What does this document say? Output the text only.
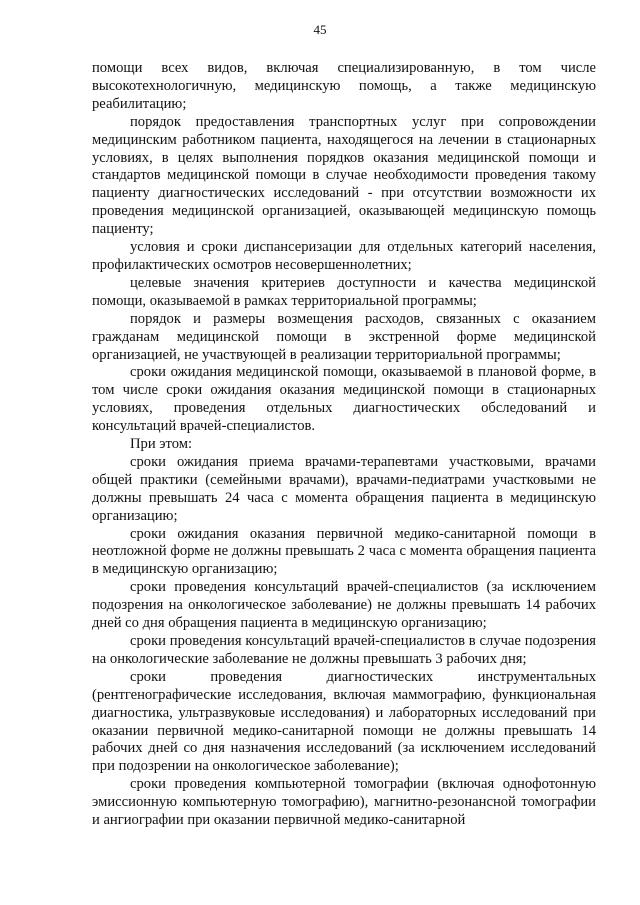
45

помощи всех видов, включая специализированную, в том числе высокотехнологичную, медицинскую помощь, а также медицинскую реабилитацию;

порядок предоставления транспортных услуг при сопровождении медицинским работником пациента, находящегося на лечении в стационарных условиях, в целях выполнения порядков оказания медицинской помощи и стандартов медицинской помощи в случае необходимости проведения такому пациенту диагностических исследований - при отсутствии возможности их проведения медицинской организацией, оказывающей медицинскую помощь пациенту;

условия и сроки диспансеризации для отдельных категорий населения, профилактических осмотров несовершеннолетних;

целевые значения критериев доступности и качества медицинской помощи, оказываемой в рамках территориальной программы;

порядок и размеры возмещения расходов, связанных с оказанием гражданам медицинской помощи в экстренной форме медицинской организацией, не участвующей в реализации территориальной программы;

сроки ожидания медицинской помощи, оказываемой в плановой форме, в том числе сроки ожидания оказания медицинской помощи в стационарных условиях, проведения отдельных диагностических обследований и консультаций врачей-специалистов.

При этом:

сроки ожидания приема врачами-терапевтами участковыми, врачами общей практики (семейными врачами), врачами-педиатрами участковыми не должны превышать 24 часа с момента обращения пациента в медицинскую организацию;

сроки ожидания оказания первичной медико-санитарной помощи в неотложной форме не должны превышать 2 часа с момента обращения пациента в медицинскую организацию;

сроки проведения консультаций врачей-специалистов (за исключением подозрения на онкологическое заболевание) не должны превышать 14 рабочих дней со дня обращения пациента в медицинскую организацию;

сроки проведения консультаций врачей-специалистов в случае подозрения на онкологические заболевание не должны превышать 3 рабочих дня;

сроки проведения диагностических инструментальных (рентгенографические исследования, включая маммографию, функциональная диагностика, ультразвуковые исследования) и лабораторных исследований при оказании первичной медико-санитарной помощи не должны превышать 14 рабочих дней со дня назначения исследований (за исключением исследований при подозрении на онкологическое заболевание);

сроки проведения компьютерной томографии (включая однофотонную эмиссионную компьютерную томографию), магнитно-резонансной томографии и ангиографии при оказании первичной медико-санитарной
